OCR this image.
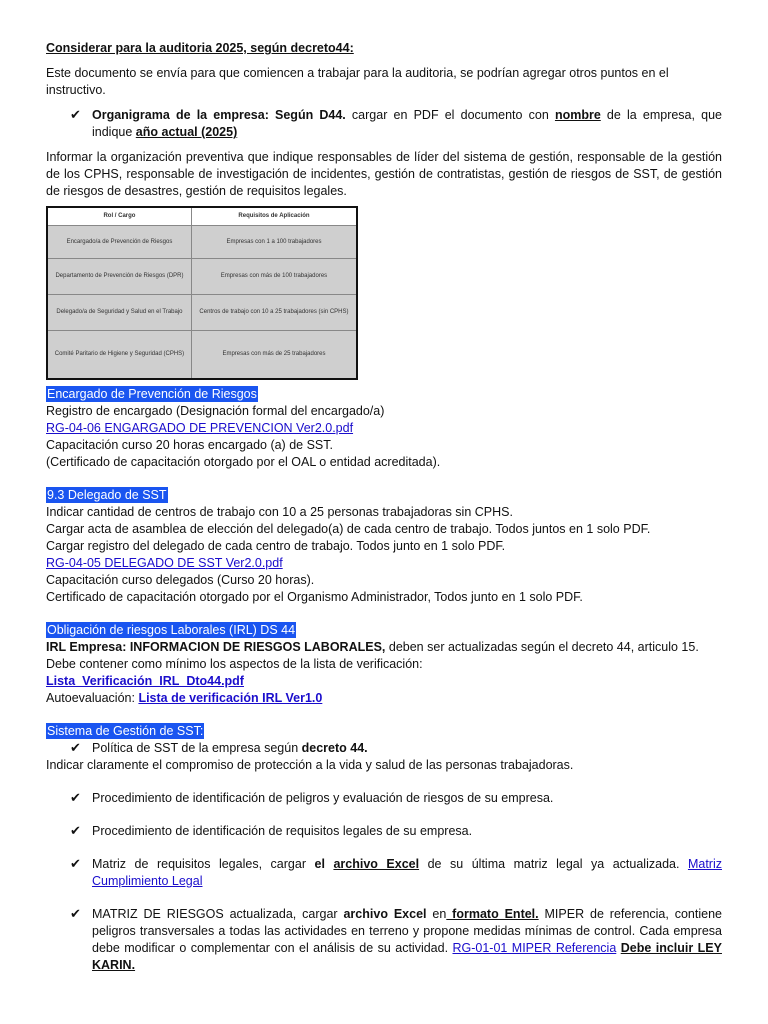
Considerar para la auditoria 2025, según decreto44:

Este documento se envía para que comiencen a trabajar para la auditoria, se podrían agregar otros puntos en el instructivo.

✔ Organigrama de la empresa: Según D44. cargar en PDF el documento con nombre de la empresa, que indique año actual (2025)

Informar la organización preventiva que indique responsables de líder del sistema de gestión, responsable de la gestión de los CPHS, responsable de investigación de incidentes, gestión de contratistas, gestión de riesgos de SST, de gestión de riesgos de desastres, gestión de requisitos legales.

Rol / Cargo	Requisitos de Aplicación
Encargado/a de Prevención de Riesgos	Empresas con 1 a 100 trabajadores
Departamento de Prevención de Riesgos (DPR)	Empresas con más de 100 trabajadores
Delegado/a de Seguridad y Salud en el Trabajo	Centros de trabajo con 10 a 25 trabajadores (sin CPHS)
Comité Paritario de Higiene y Seguridad (CPHS)	Empresas con más de 25 trabajadores

Encargado de Prevención de Riesgos

Registro de encargado (Designación formal del encargado/a)

RG-04-06 ENGARGADO DE PREVENCION Ver2.0.pdf

Capacitación curso 20 horas encargado (a) de SST.

(Certificado de capacitación otorgado por el OAL o entidad acreditada).

9.3 Delegado de SST

Indicar cantidad de centros de trabajo con 10 a 25 personas trabajadoras sin CPHS.

Cargar acta de asamblea de elección del delegado(a) de cada centro de trabajo. Todos juntos en 1 solo PDF.

Cargar registro del delegado de cada centro de trabajo. Todos junto en 1 solo PDF.

RG-04-05 DELEGADO DE SST Ver2.0.pdf

Capacitación curso delegados (Curso 20 horas).

Certificado de capacitación otorgado por el Organismo Administrador, Todos junto en 1 solo PDF.

Obligación de riesgos Laborales (IRL) DS 44

IRL Empresa: INFORMACION DE RIESGOS LABORALES, deben ser actualizadas según el decreto 44, articulo 15.

Debe contener como mínimo los aspectos de la lista de verificación:

Lista_Verificación_IRL_Dto44.pdf

Autoevaluación: Lista de verificación IRL Ver1.0

Sistema de Gestión de SST:

✔ Política de SST de la empresa según decreto 44.

Indicar claramente el compromiso de protección a la vida y salud de las personas trabajadoras.

✔ Procedimiento de identificación de peligros y evaluación de riesgos de su empresa.

✔ Procedimiento de identificación de requisitos legales de su empresa.

✔ Matriz de requisitos legales, cargar el archivo Excel de su última matriz legal ya actualizada. Matriz Cumplimiento Legal

✔ MATRIZ DE RIESGOS actualizada, cargar archivo Excel en formato Entel. MIPER de referencia, contiene peligros transversales a todas las actividades en terreno y propone medidas mínimas de control. Cada empresa debe modificar o complementar con el análisis de su actividad. RG-01-01 MIPER Referencia Debe incluir LEY KARIN.
